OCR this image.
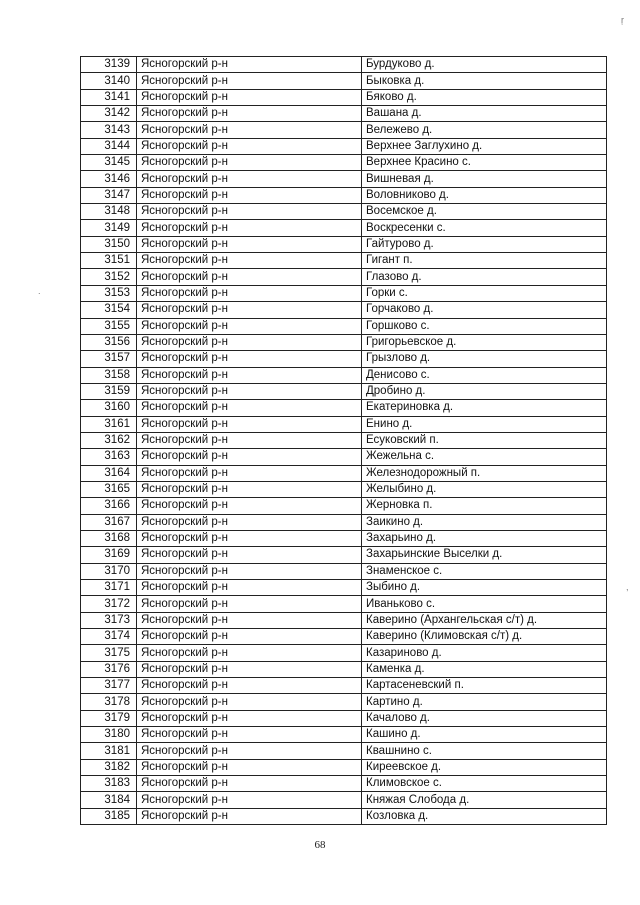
3139	Ясногорский р-н	Бурдуково д.
3140	Ясногорский р-н	Быковка д.
3141	Ясногорский р-н	Бяково д.
3142	Ясногорский р-н	Вашана д.
3143	Ясногорский р-н	Вележево д.
3144	Ясногорский р-н	Верхнее Заглухино д.
3145	Ясногорский р-н	Верхнее Красино с.
3146	Ясногорский р-н	Вишневая д.
3147	Ясногорский р-н	Воловниково д.
3148	Ясногорский р-н	Восемское д.
3149	Ясногорский р-н	Воскресенки с.
3150	Ясногорский р-н	Гайтурово д.
3151	Ясногорский р-н	Гигант п.
3152	Ясногорский р-н	Глазово д.
3153	Ясногорский р-н	Горки с.
3154	Ясногорский р-н	Горчаково д.
3155	Ясногорский р-н	Горшково с.
3156	Ясногорский р-н	Григорьевское д.
3157	Ясногорский р-н	Грызлово д.
3158	Ясногорский р-н	Денисово с.
3159	Ясногорский р-н	Дробино д.
3160	Ясногорский р-н	Екатериновка д.
3161	Ясногорский р-н	Енино д.
3162	Ясногорский р-н	Есуковский п.
3163	Ясногорский р-н	Жежельна с.
3164	Ясногорский р-н	Железнодорожный п.
3165	Ясногорский р-н	Желыбино д.
3166	Ясногорский р-н	Жерновка п.
3167	Ясногорский р-н	Заикино д.
3168	Ясногорский р-н	Захарьино д.
3169	Ясногорский р-н	Захарьинские Выселки д.
3170	Ясногорский р-н	Знаменское с.
3171	Ясногорский р-н	Зыбино д.
3172	Ясногорский р-н	Иваньково с.
3173	Ясногорский р-н	Каверино (Архангельская с/т) д.
3174	Ясногорский р-н	Каверино (Климовская с/т) д.
3175	Ясногорский р-н	Казариново д.
3176	Ясногорский р-н	Каменка д.
3177	Ясногорский р-н	Картасеневский п.
3178	Ясногорский р-н	Картино д.
3179	Ясногорский р-н	Качалово д.
3180	Ясногорский р-н	Кашино д.
3181	Ясногорский р-н	Квашнино с.
3182	Ясногорский р-н	Киреевское д.
3183	Ясногорский р-н	Климовское с.
3184	Ясногорский р-н	Княжая Слобода д.
3185	Ясногорский р-н	Козловка д.
68
.
ŗ
,
